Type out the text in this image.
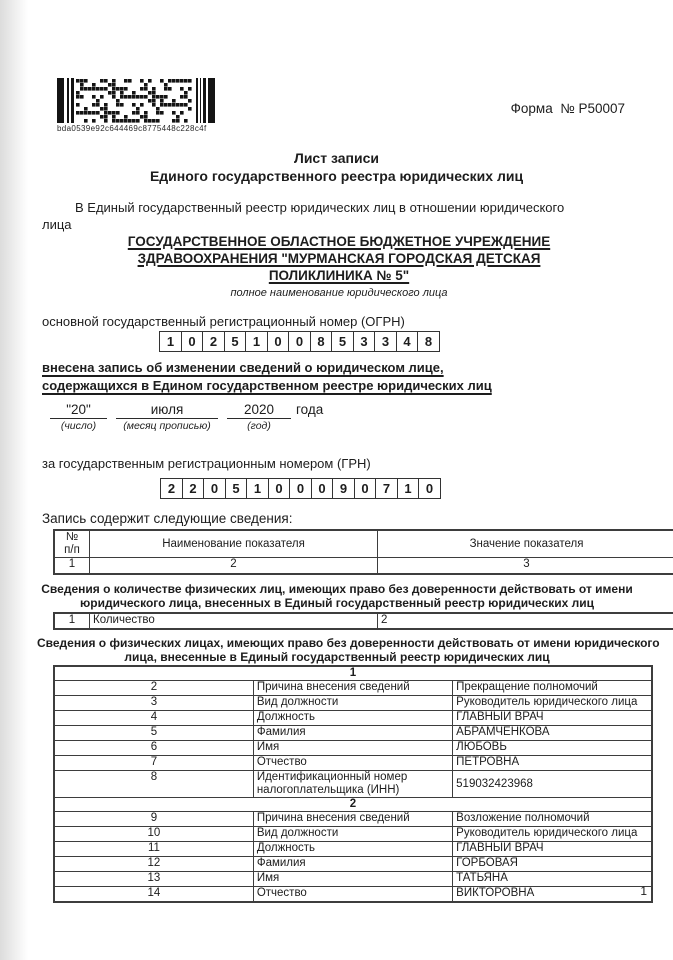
bda0539e92c644469c8775448c228c4f
Форма  № Р50007
Лист записи
Единого государственного реестра юридических лиц
В Единый государственный реестр юридических лиц в отношении юридического
лица
ГОСУДАРСТВЕННОЕ ОБЛАСТНОЕ БЮДЖЕТНОЕ УЧРЕЖДЕНИЕ
ЗДРАВООХРАНЕНИЯ "МУРМАНСКАЯ ГОРОДСКАЯ ДЕТСКАЯ
ПОЛИКЛИНИКА № 5"
полное наименование юридического лица
основной государственный регистрационный номер (ОГРН)
1	0	2	5	1	0	0	8	5	3	3	4	8
внесена запись об изменении сведений о юридическом лице,
содержащихся в Едином государственном реестре юридических лиц
"20"
(число)
июля
(месяц прописью)
2020
(год)
года
за государственным регистрационным номером (ГРН)
2	2	0	5	1	0	0	0	9	0	7	1	0
Запись содержит следующие сведения:
№
п/п	Наименование показателя	Значение показателя
1	2	3
Сведения о количестве физических лиц, имеющих право без доверенности действовать от имени
юридического лица, внесенных в Единый государственный реестр юридических лиц
1	Количество	2
Сведения о физических лицах, имеющих право без доверенности действовать от имени юридического
лица, внесенные в Единый государственный реестр юридических лиц
1		
2	Причина внесения сведений	Прекращение полномочий
3	Вид должности	Руководитель юридического лица
4	Должность	ГЛАВНЫЙ ВРАЧ
5	Фамилия	АБРАМЧЕНКОВА
6	Имя	ЛЮБОВЬ
7	Отчество	ПЕТРОВНА
8	Идентификационный номер налогоплательщика (ИНН)	519032423968
2		
9	Причина внесения сведений	Возложение полномочий
10	Вид должности	Руководитель юридического лица
11	Должность	ГЛАВНЫЙ ВРАЧ
12	Фамилия	ГОРБОВАЯ
13	Имя	ТАТЬЯНА
14	Отчество	ВИКТОРОВНА	1
